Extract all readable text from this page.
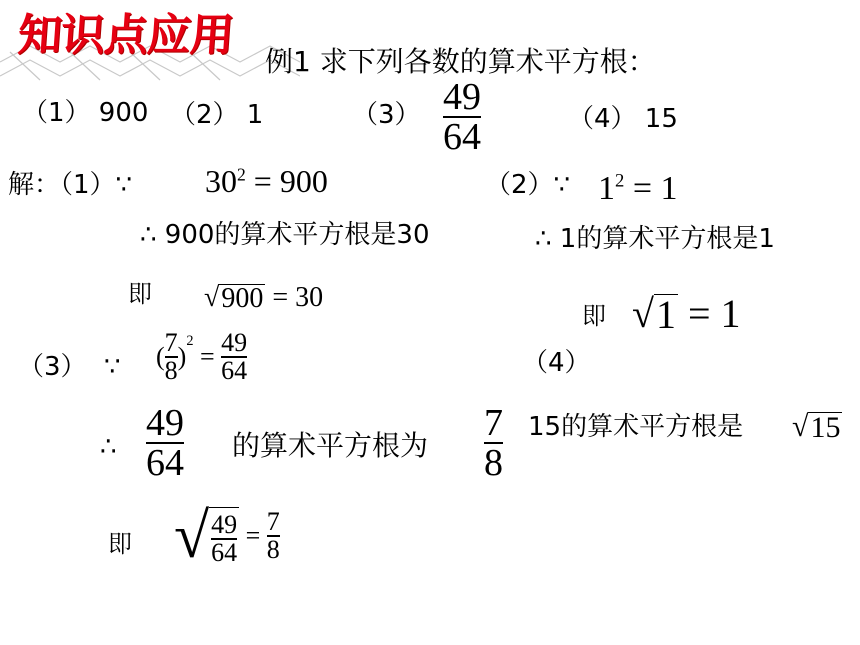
知识点应用
例1 求下列各数的算术平方根：
（1） 900 （2） 1	$(3) \frac{49}{64}$	（4） 15
解：（1）∵ $30^2 = 900$	（2）∵ $1^2 = 1$
∴ 900的算术平方根是30	∴ 1的算术平方根是1
即 √ 900 = 30
即 √ 1 = 1
（3） ∵ ( $\frac{7}{8}$ )
$^2$
= $\frac{49}{64}$	（4）
∴ $\frac{49}{64}$ 的算术平方根为 $\frac{7}{8} 15$的算术平方根是 √ 15
即 √ $\frac{49}{64} = \frac{7}{8}$
